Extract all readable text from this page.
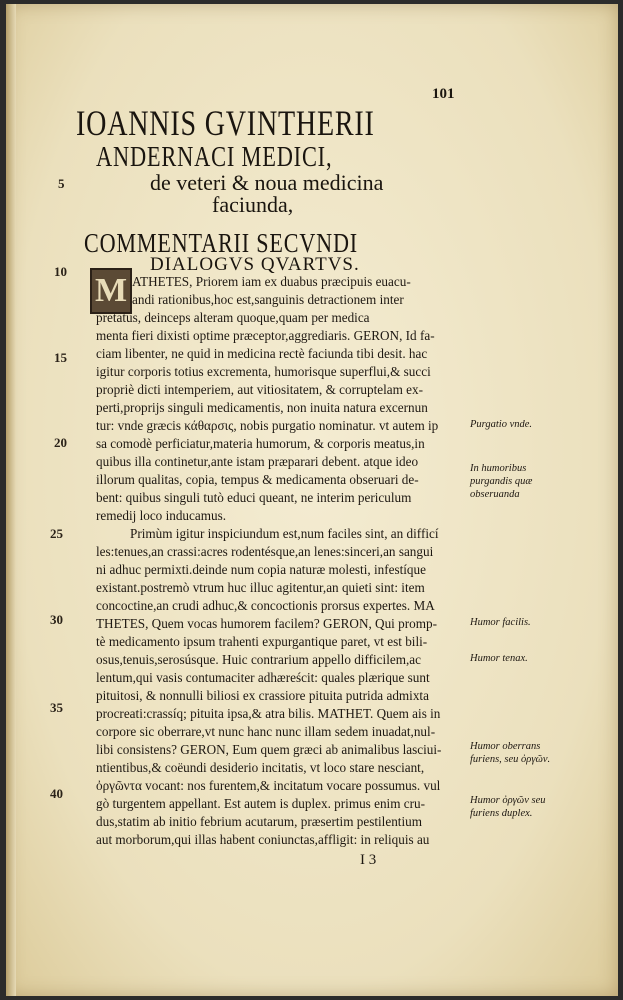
101
IOANNIS GVINTHERII
ANDERNACI MEDICI,
de veteri & noua medicina
faciunda,
COMMENTARII SECVNDI
DIALOGVS QVARTVS.
M
5
10
15
20
25
30
35
40
ATHETES, Priorem iam ex duabus præcipuis euacu-
andi rationibus,hoc est,sanguinis detractionem inter
pretatus, deinceps alteram quoque,quam per medica
menta fieri dixisti optime præceptor,aggrediaris. GERON, Id fa-
ciam libenter, ne quid in medicina rectè faciunda tibi desit. hac
igitur corporis totius excrementa, humorisque superflui,& succi
propriè dicti intemperiem, aut vitiositatem, & corruptelam ex-
perti,proprijs singuli medicamentis, non inuita natura excernun
tur: vnde græcis κάθαρσις, nobis purgatio nominatur. vt autem ip
sa comodè perficiatur,materia humorum, & corporis meatus,in
quibus illa continetur,ante istam præparari debent. atque ideo
illorum qualitas, copia, tempus & medicamenta obseruari de-
bent: quibus singuli tutò educi queant, ne interim periculum
remedij loco inducamus.
Primùm igitur inspiciundum est,num faciles sint, an difficí
les:tenues,an crassi:acres rodentésque,an lenes:sinceri,an sangui
ni adhuc permixti.deinde num copia naturæ molesti, infestíque
existant.postremò vtrum huc illuc agitentur,an quieti sint: item
concoctine,an crudi adhuc,& concoctionis prorsus expertes. MA
THETES, Quem vocas humorem facilem? GERON, Qui promp-
tè medicamento ipsum trahenti expurgantique paret, vt est bili-
osus,tenuis,serosúsque. Huic contrarium appello difficilem,ac
lentum,qui vasis contumaciter adhæreścit: quales plærique sunt
pituitosi, & nonnulli biliosi ex crassiore pituita putrida admixta
procreati:crassíq; pituita ipsa,& atra bilis. MATHET. Quem ais in
corpore sic oberrare,vt nunc hanc nunc illam sedem inuadat,nul-
libi consistens? GERON, Eum quem græci ab animalibus lasciui-
ntientibus,& coëundi desiderio incitatis, vt loco stare nesciant,
ὀργῶντα vocant: nos furentem,& incitatum vocare possumus. vul
gò turgentem appellant. Est autem is duplex. primus enim cru-
dus,statim ab initio febrium acutarum, præsertim pestilentium
aut morborum,qui illas habent coniunctas,affligit: in reliquis au
Purgatio vnde.
In humoribus purgandis quæ obseruanda
Humor facilis.
Humor tenax.
Humor oberrans furiens, seu ὀργῶν.
Humor ὀργῶν seu furiens duplex.
I 3
